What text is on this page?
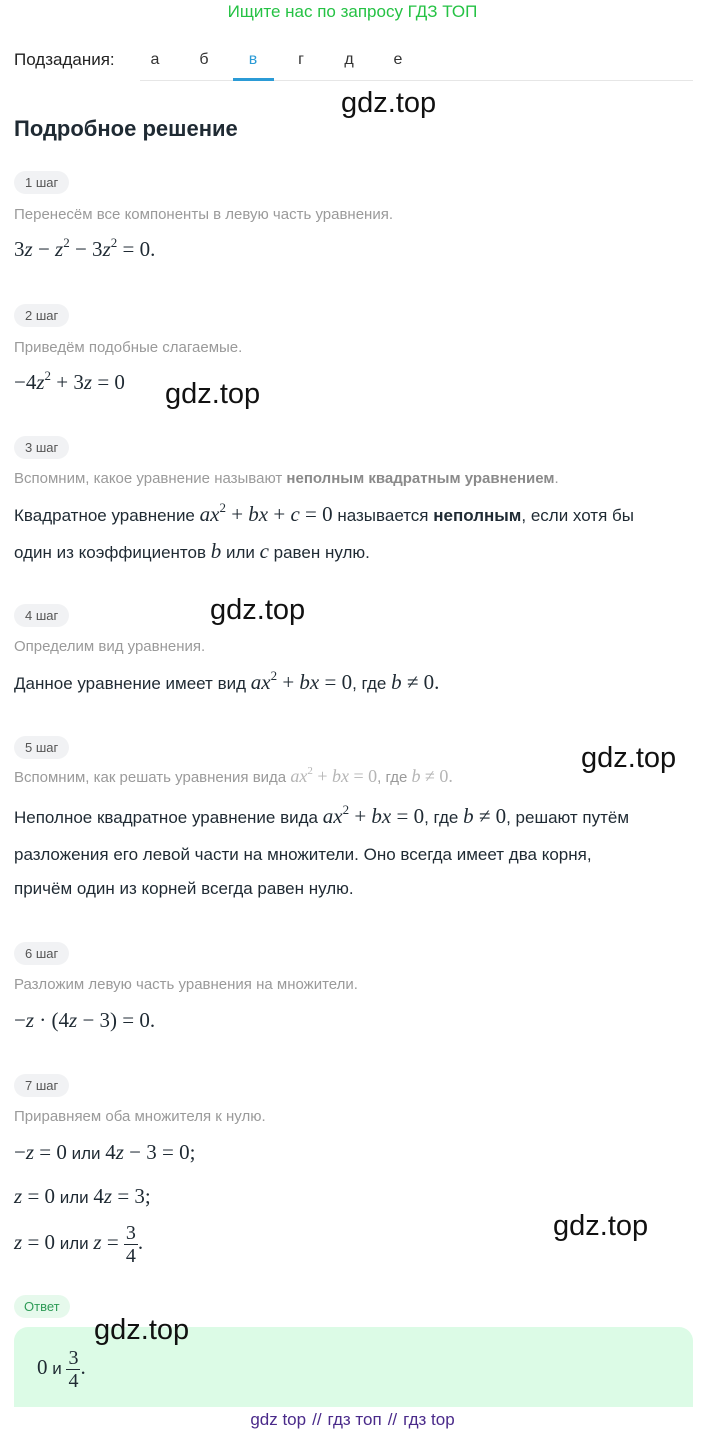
Ищите нас по запросу ГДЗ ТОП
Подзадания:	а	б	в	г	д	е
gdz.top
Подробное решение
1 шаг
Перенесём все компоненты в левую часть уравнения.
$3z - z^2 - 3z^2 = 0$.
2 шаг
Приведём подобные слагаемые.
$-4z^2 + 3z = 0$ gdz.top
3 шаг
Вспомним, какое уравнение называют неполным квадратным уравнением.
Квадратное уравнение $ax^2$ + bx + c = 0 называется неполным, если хотя бы
один из коэффициентов b или c равен нулю.
4 шаг	gdz.top
Определим вид уравнения.
Данное уравнение имеет вид $ax^2$ + bx = 0, где b ≠ 0.
5 шаг	gdz.top
Вспомним, как решать уравнения вида $ax^2$ + bx = 0, где b ≠ 0.
Неполное квадратное уравнение вида $ax^2$ + bx = 0, где b ≠ 0, решают путём
разложения его левой части на множители. Оно всегда имеет два корня,
причём один из корней всегда равен нулю.
6 шаг
Разложим левую часть уравнения на множители.
−z · (4z − 3) = 0.
7 шаг
Приравняем оба множителя к нулю.
−z = 0 или 4z − 3 = 0;
z = 0 или 4z = 3;
z = 0 или $z = \frac{3}{4}$ .	gdz.top
Ответ
gdz.top
0 и $\frac{3}{4}$ .
gdz top // гдз топ // гдз top
